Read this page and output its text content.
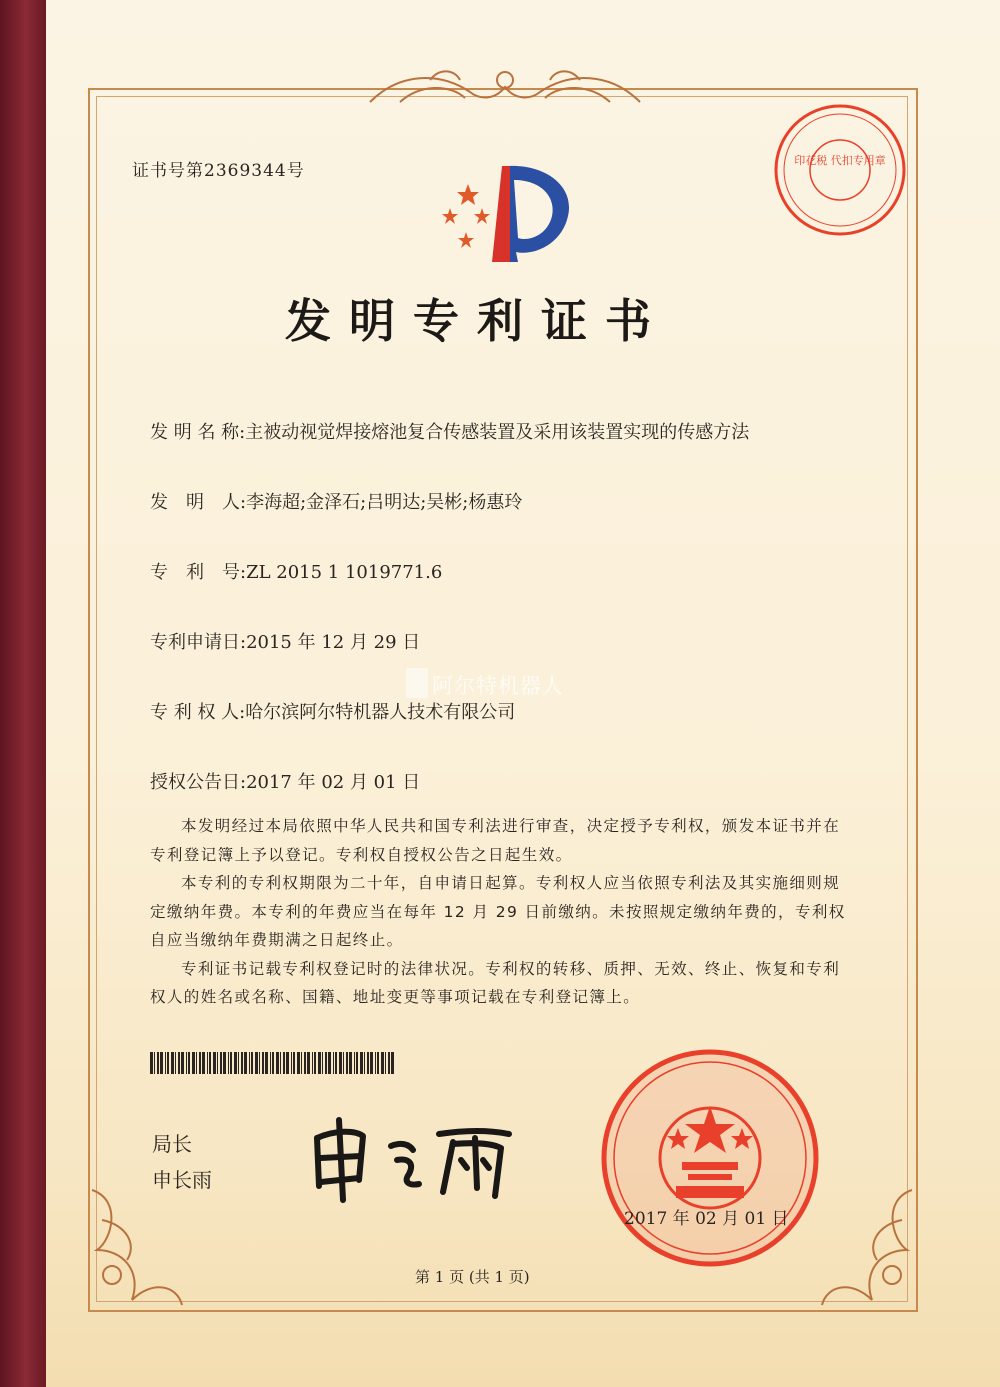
证书号第2369344号
印花税 代扣专用章
发明专利证书
发 明 名 称:主被动视觉焊接熔池复合传感装置及采用该装置实现的传感方法
发　明　人:李海超;金泽石;吕明达;吴彬;杨惠玲
专　利　号:ZL 2015 1 1019771.6
专利申请日:2015 年 12 月 29 日
专 利 权 人:哈尔滨阿尔特机器人技术有限公司
授权公告日:2017 年 02 月 01 日
阿尔特机器人

本发明经过本局依照中华人民共和国专利法进行审查，决定授予专利权，颁发本证书并在专利登记簿上予以登记。专利权自授权公告之日起生效。

本专利的专利权期限为二十年，自申请日起算。专利权人应当依照专利法及其实施细则规定缴纳年费。本专利的年费应当在每年 12 月 29 日前缴纳。未按照规定缴纳年费的，专利权自应当缴纳年费期满之日起终止。

专利证书记载专利权登记时的法律状况。专利权的转移、质押、无效、终止、恢复和专利权人的姓名或名称、国籍、地址变更等事项记载在专利登记簿上。

局长
申长雨
2017 年 02 月 01 日
第 1 页 (共 1 页)
